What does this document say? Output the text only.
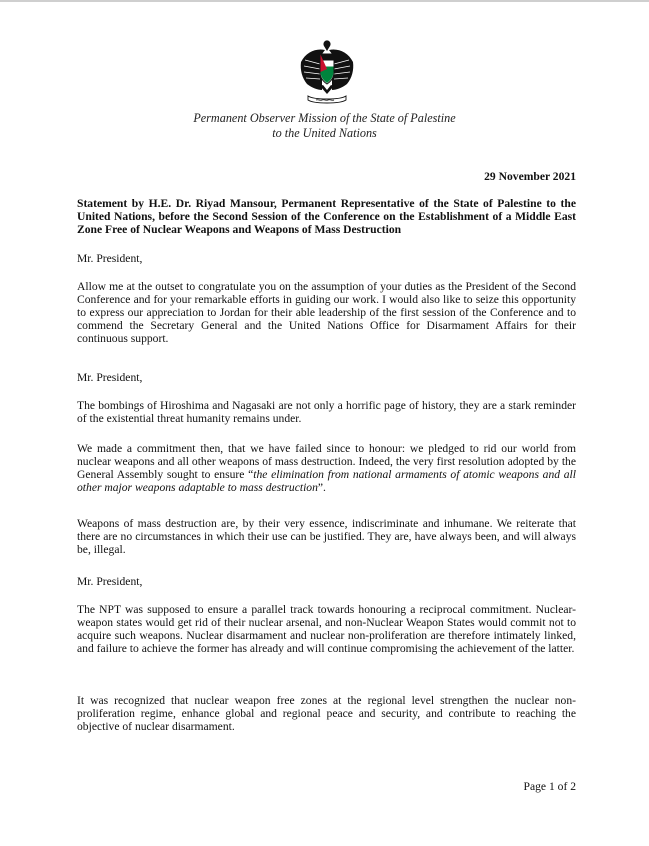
Permanent Observer Mission of the State of Palestine
to the United Nations
29 November 2021
Statement by H.E. Dr. Riyad Mansour, Permanent Representative of the State of Palestine to the United Nations, before the Second Session of the Conference on the Establishment of a Middle East Zone Free of Nuclear Weapons and Weapons of Mass Destruction
Mr. President,
Allow me at the outset to congratulate you on the assumption of your duties as the President of the Second Conference and for your remarkable efforts in guiding our work. I would also like to seize this opportunity to express our appreciation to Jordan for their able leadership of the first session of the Conference and to commend the Secretary General and the United Nations Office for Disarmament Affairs for their continuous support.
Mr. President,
The bombings of Hiroshima and Nagasaki are not only a horrific page of history, they are a stark reminder of the existential threat humanity remains under.
We made a commitment then, that we have failed since to honour: we pledged to rid our world from nuclear weapons and all other weapons of mass destruction. Indeed, the very first resolution adopted by the General Assembly sought to ensure “the elimination from national armaments of atomic weapons and all other major weapons adaptable to mass destruction”.
Weapons of mass destruction are, by their very essence, indiscriminate and inhumane. We reiterate that there are no circumstances in which their use can be justified. They are, have always been, and will always be, illegal.
Mr. President,
The NPT was supposed to ensure a parallel track towards honouring a reciprocal commitment. Nuclear-weapon states would get rid of their nuclear arsenal, and non-Nuclear Weapon States would commit not to acquire such weapons. Nuclear disarmament and nuclear non-proliferation are therefore intimately linked, and failure to achieve the former has already and will continue compromising the achievement of the latter.
It was recognized that nuclear weapon free zones at the regional level strengthen the nuclear non-proliferation regime, enhance global and regional peace and security, and contribute to reaching the objective of nuclear disarmament.
Page 1 of 2
